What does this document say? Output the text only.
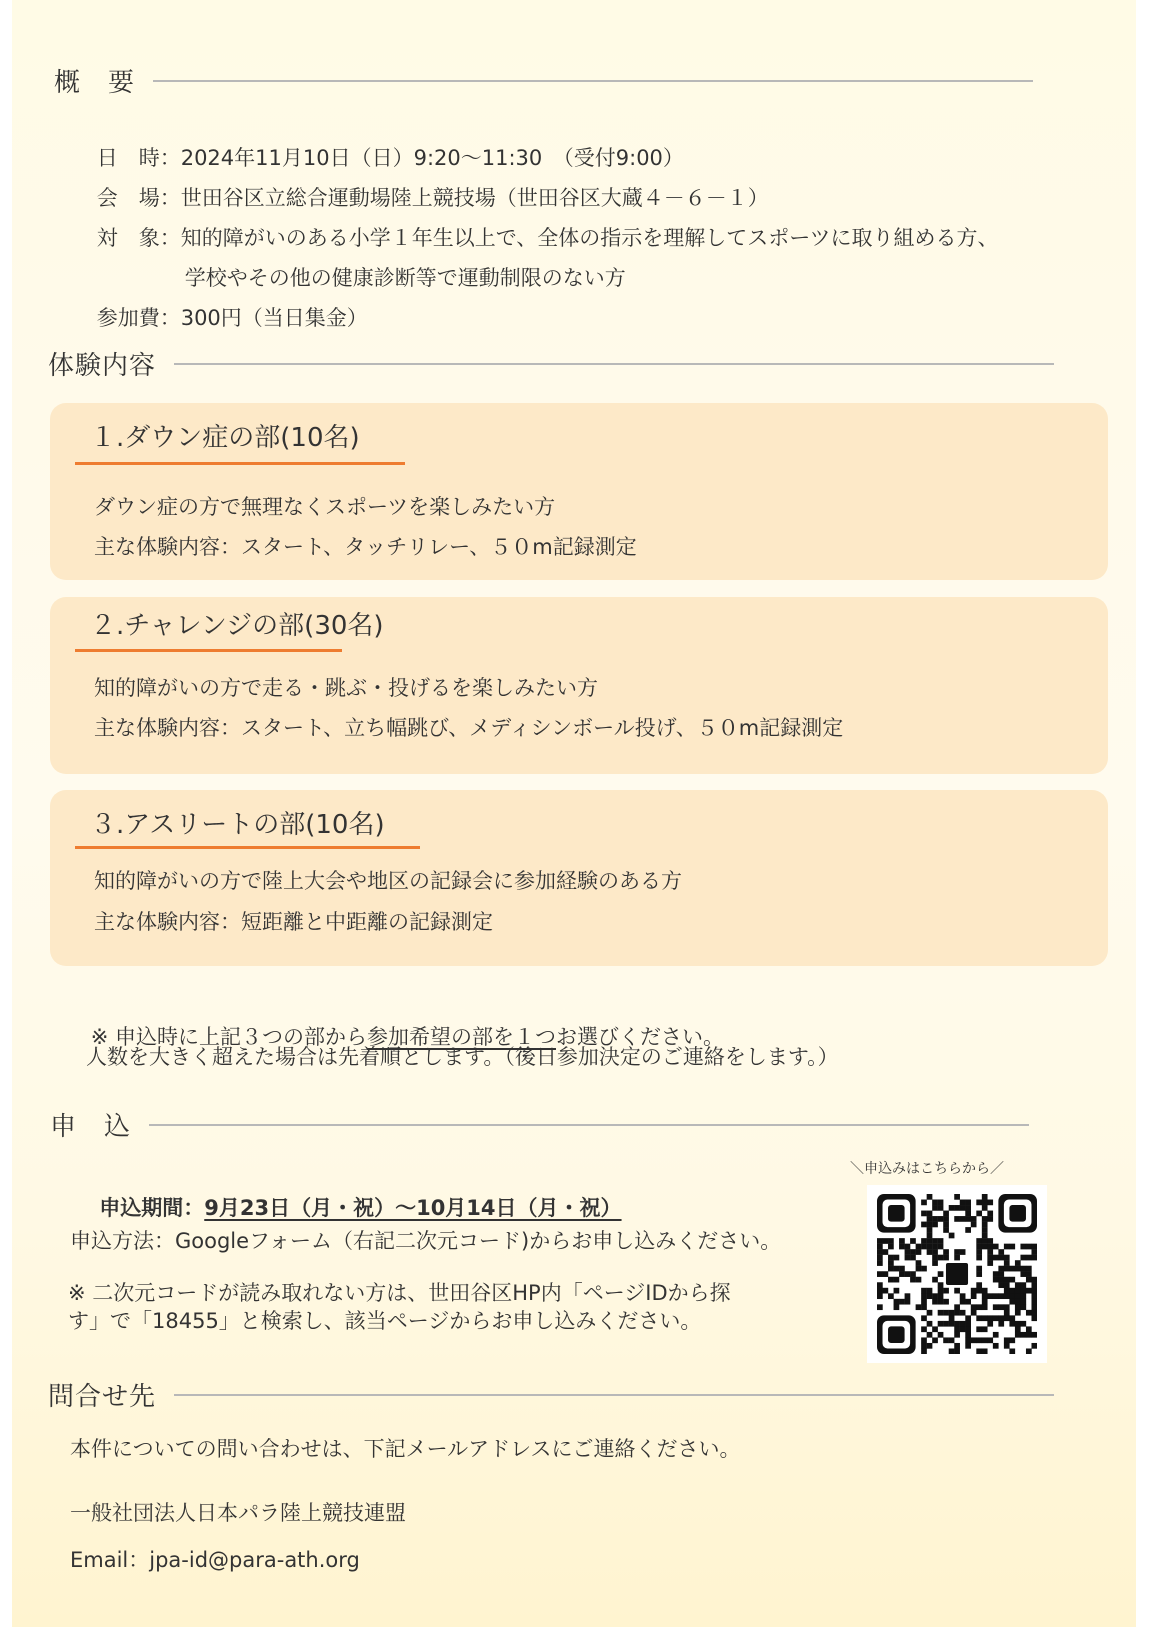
概　要

日　時：2024年11月10日（日）9:20～11:30　（受付9:00）

会　場：世田谷区立総合運動場陸上競技場（世田谷区大蔵４－６－１）

対　象：知的障がいのある小学１年生以上で、全体の指示を理解してスポーツに取り組める方、

学校やその他の健康診断等で運動制限のない方

参加費：300円（当日集金）

体験内容
１.ダウン症の部(10名)
ダウン症の方で無理なくスポーツを楽しみたい方
主な体験内容：スタート、タッチリレー、５０m記録測定
２.チャレンジの部(30名)
知的障がいの方で走る・跳ぶ・投げるを楽しみたい方
主な体験内容：スタート、立ち幅跳び、メディシンボール投げ、５０m記録測定
３.アスリートの部(10名)
知的障がいの方で陸上大会や地区の記録会に参加経験のある方
主な体験内容：短距離と中距離の記録測定

※ 申込時に上記３つの部から参加希望の部を１つお選びください。

人数を大きく超えた場合は先着順とします。（後日参加決定のご連絡をします。）
申　込

申込期間：9月23日（月・祝）～10月14日（月・祝）

申込方法：Googleフォーム（右記二次元コード)からお申し込みください。
※ 二次元コードが読み取れない方は、世田谷区HP内「ページIDから探
す」で「18455」と検索し、該当ページからお申し込みください。
＼申込みはこちらから／
問合せ先
本件についての問い合わせは、下記メールアドレスにご連絡ください。
一般社団法人日本パラ陸上競技連盟
Email：jpa-id@para-ath.org
